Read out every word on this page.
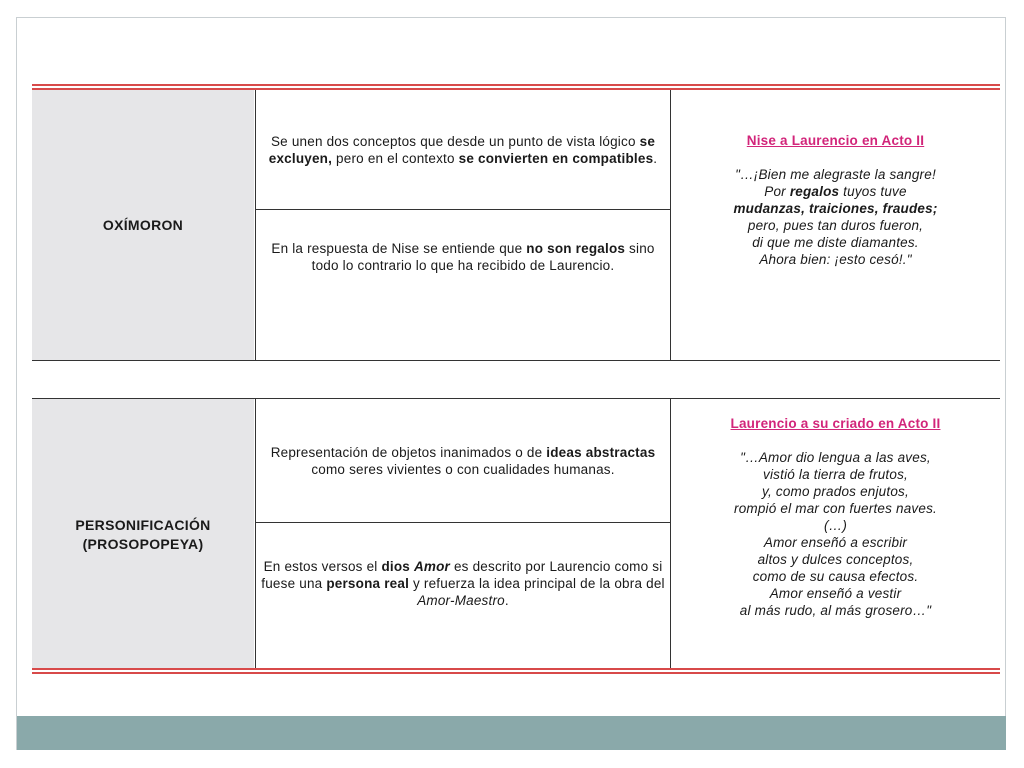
OXÍMORON
Se unen dos conceptos que desde un punto de vista lógico se excluyen, pero en el contexto se convierten en compatibles.
En la respuesta de Nise se entiende que no son regalos sino todo lo contrario lo que ha recibido de Laurencio.
Nise a Laurencio en Acto II
"…¡Bien me alegraste la sangre!
Por regalos tuyos tuve
mudanzas, traiciones, fraudes;
pero, pues tan duros fueron,
di que me diste diamantes.
Ahora bien: ¡esto cesó!."
PERSONIFICACIÓN
(PROSOPOPEYA)
Representación de objetos inanimados o de ideas abstractas como seres vivientes o con cualidades humanas.
En estos versos el dios Amor es descrito por Laurencio como si fuese una persona real y refuerza la idea principal de la obra del Amor-Maestro.
Laurencio a su criado en Acto II
"…Amor dio lengua a las aves,
vistió la tierra de frutos,
y, como prados enjutos,
rompió el mar con fuertes naves.
(…)
Amor enseñó a escribir
altos y dulces conceptos,
como de su causa efectos.
Amor enseñó a vestir
al más rudo, al más grosero…"
